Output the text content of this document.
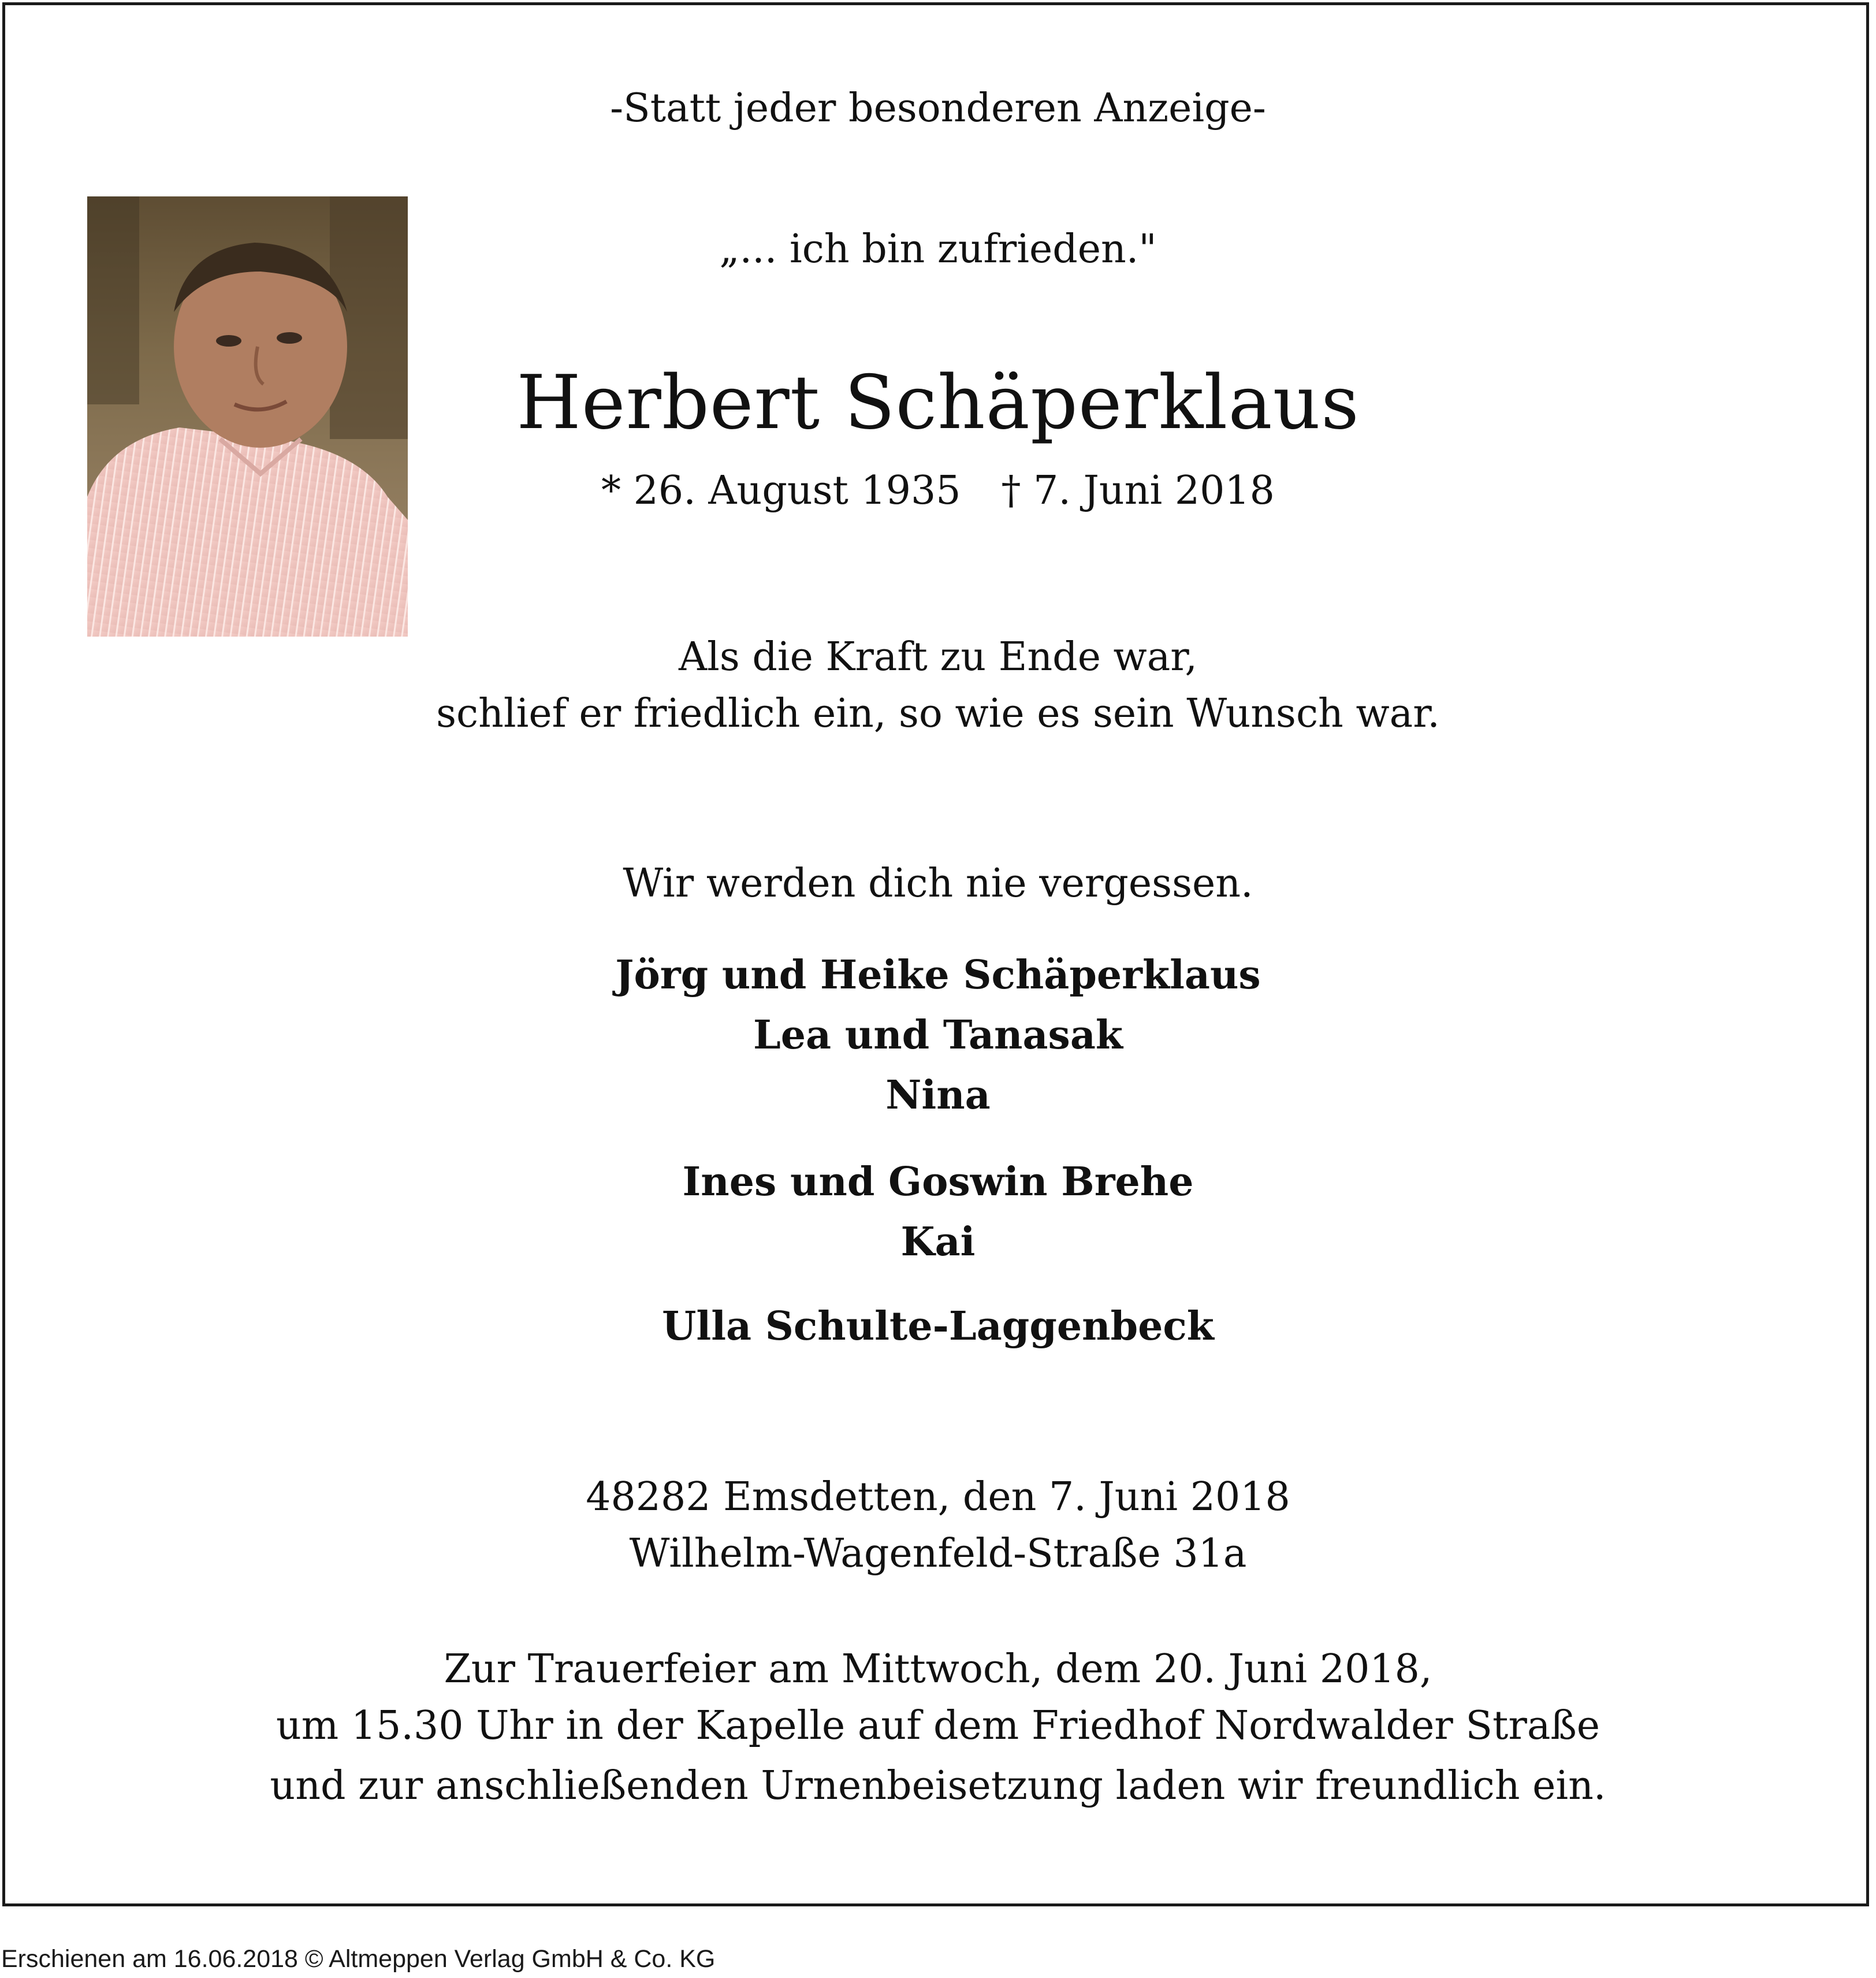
-Statt jeder besonderen Anzeige-
„... ich bin zufrieden."
Herbert Schäperklaus
* 26. August 1935 † 7. Juni 2018
Als die Kraft zu Ende war,
schlief er friedlich ein, so wie es sein Wunsch war.
Wir werden dich nie vergessen.
Jörg und Heike Schäperklaus
Lea und Tanasak
Nina
Ines und Goswin Brehe
Kai
Ulla Schulte-Laggenbeck
48282 Emsdetten, den 7. Juni 2018
Wilhelm-Wagenfeld-Straße 31a
Zur Trauerfeier am Mittwoch, dem 20. Juni 2018,
um 15.30 Uhr in der Kapelle auf dem Friedhof Nordwalder Straße
und zur anschließenden Urnenbeisetzung laden wir freundlich ein.
Erschienen am 16.06.2018 © Altmeppen Verlag GmbH & Co. KG
